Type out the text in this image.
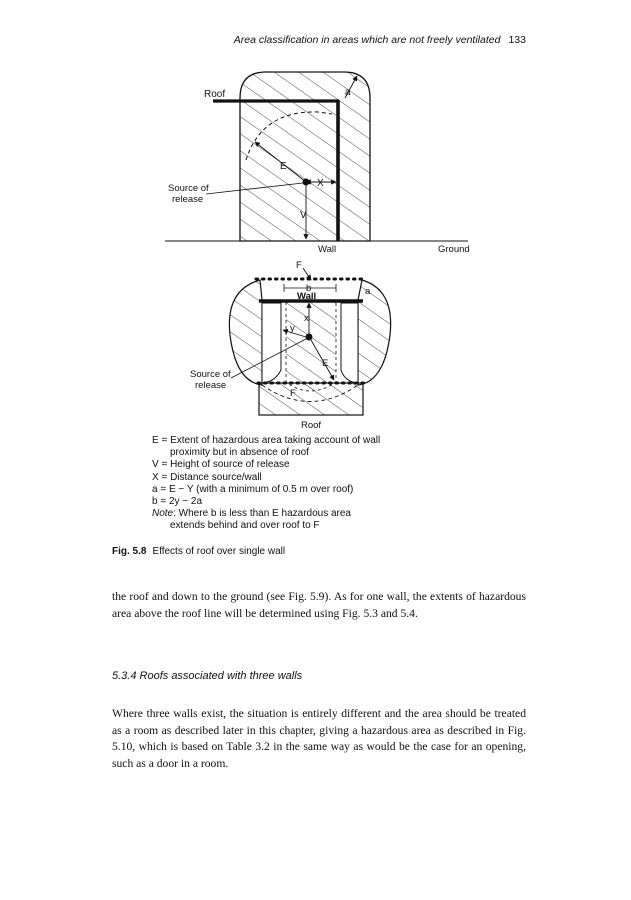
Area classification in areas which are not freely ventilated 133
Roof	a
E
X
V
Source of
release
Wall	Ground
F
b
Wall	a
x
y
E
F
Source of
release
Roof
E = Extent of hazardous area taking account of wall
proximity but in absence of roof
V = Height of source of release
X = Distance source/wall
a = E − Y (with a minimum of 0.5 m over roof)
b = 2y − 2a
Note: Where b is less than E hazardous area
extends behind and over roof to F
Fig. 5.8 Effects of roof over single wall

the roof and down to the ground (see Fig. 5.9). As for one wall, the extents of hazardous area above the roof line will be determined using Fig. 5.3 and 5.4.

5.3.4 Roofs associated with three walls

Where three walls exist, the situation is entirely different and the area should be treated as a room as described later in this chapter, giving a hazardous area as described in Fig. 5.10, which is based on Table 3.2 in the same way as would be the case for an opening, such as a door in a room.
